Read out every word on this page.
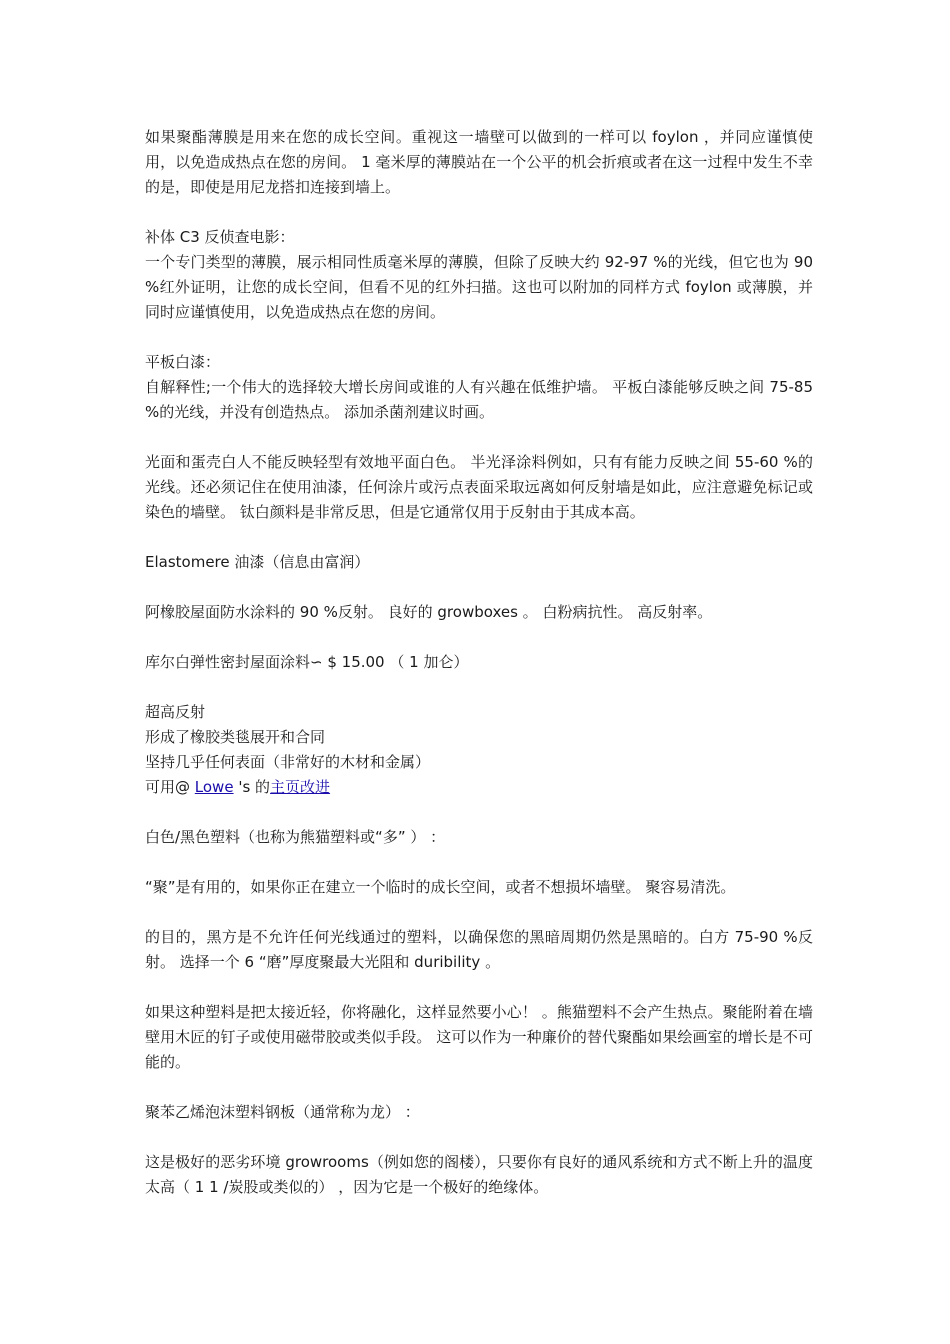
如果聚酯薄膜是用来在您的成长空间。重视这一墙壁可以做到的一样可以 foylon ，并同应谨慎使用，以免造成热点在您的房间。 1 毫米厚的薄膜站在一个公平的机会折痕或者在这一过程中发生不幸的是，即使是用尼龙搭扣连接到墙上。

补体 C3 反侦查电影：

一个专门类型的薄膜，展示相同性质毫米厚的薄膜，但除了反映大约 92-97 %的光线，但它也为 90 %红外证明，让您的成长空间，但看不见的红外扫描。这也可以附加的同样方式 foylon 或薄膜，并同时应谨慎使用，以免造成热点在您的房间。

平板白漆：

自解释性;一个伟大的选择较大增长房间或谁的人有兴趣在低维护墙。 平板白漆能够反映之间 75-85 %的光线，并没有创造热点。 添加杀菌剂建议时画。

光面和蛋壳白人不能反映轻型有效地平面白色。 半光泽涂料例如，只有有能力反映之间 55-60 %的光线。还必须记住在使用油漆，任何涂片或污点表面采取远离如何反射墙是如此，应注意避免标记或染色的墙壁。 钛白颜料是非常反思，但是它通常仅用于反射由于其成本高。

Elastomere 油漆（信息由富润）

阿橡胶屋面防水涂料的 90 %反射。 良好的 growboxes 。 白粉病抗性。 高反射率。

库尔白弹性密封屋面涂料∽ $ 15.00 （ 1 加仑）

超高反射
形成了橡胶类毯展开和合同
坚持几乎任何表面（非常好的木材和金属）
可用@ Lowe 's 的主页改进

白色/黑色塑料（也称为熊猫塑料或“多” ） ：

“聚”是有用的，如果你正在建立一个临时的成长空间，或者不想损坏墙壁。 聚容易清洗。

的目的，黑方是不允许任何光线通过的塑料，以确保您的黑暗周期仍然是黑暗的。白方 75-90 %反射。 选择一个 6 “磨”厚度聚最大光阻和 duribility 。

如果这种塑料是把太接近轻，你将融化，这样显然要小心！ 。熊猫塑料不会产生热点。聚能附着在墙壁用木匠的钉子或使用磁带胶或类似手段。 这可以作为一种廉价的替代聚酯如果绘画室的增长是不可能的。

聚苯乙烯泡沫塑料钢板（通常称为龙） ：

这是极好的恶劣环境 growrooms（例如您的阁楼），只要你有良好的通风系统和方式不断上升的温度太高（ 1 1 /炭股或类似的） ，因为它是一个极好的绝缘体。
